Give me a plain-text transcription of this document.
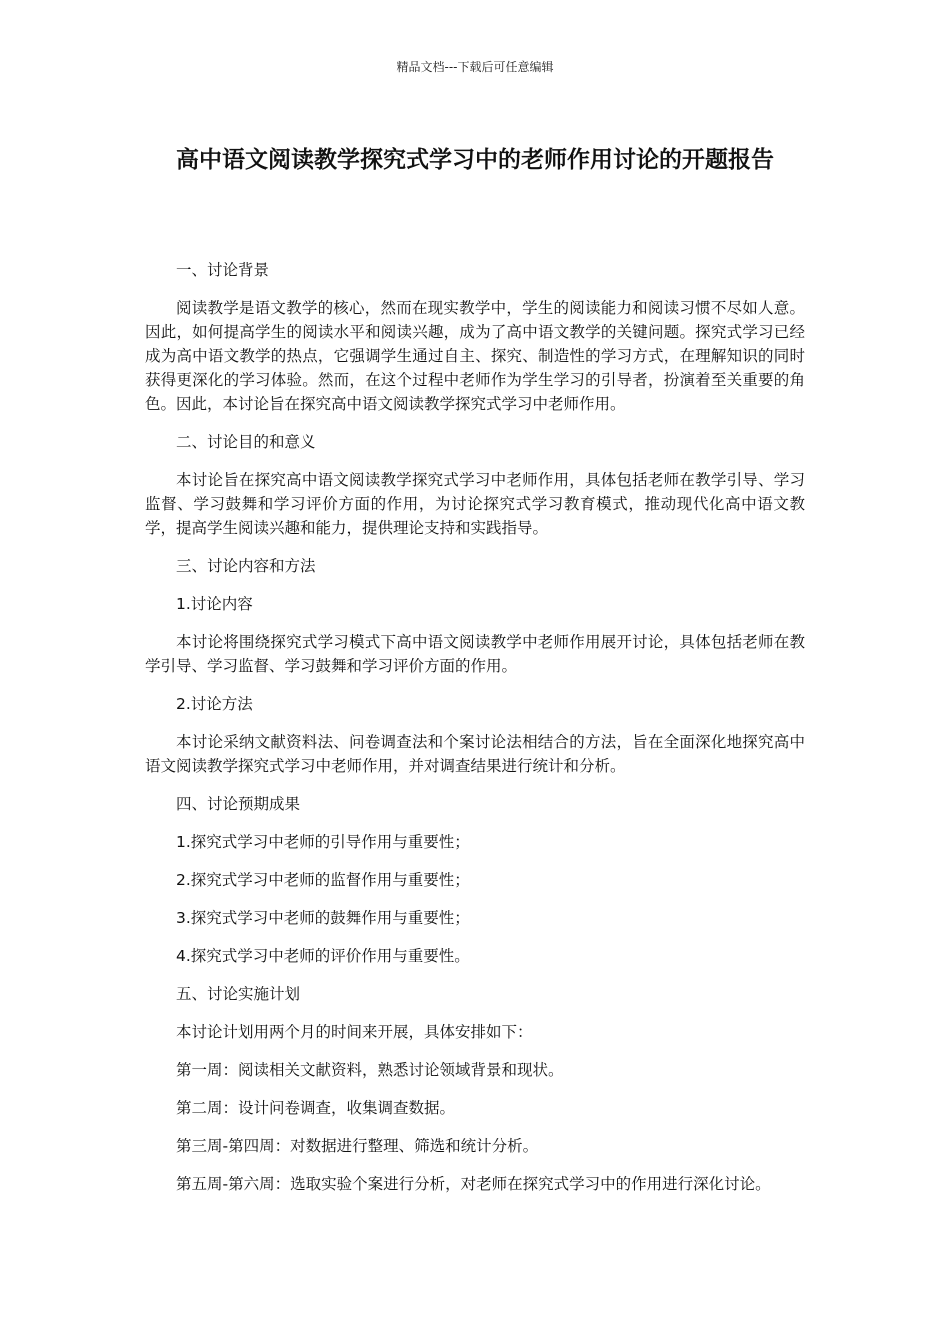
精品文档---下载后可任意编辑
高中语文阅读教学探究式学习中的老师作用讨论的开题报告

一、讨论背景

阅读教学是语文教学的核心，然而在现实教学中，学生的阅读能力和阅读习惯不尽如人意。因此，如何提高学生的阅读水平和阅读兴趣，成为了高中语文教学的关键问题。探究式学习已经成为高中语文教学的热点，它强调学生通过自主、探究、制造性的学习方式，在理解知识的同时获得更深化的学习体验。然而，在这个过程中老师作为学生学习的引导者，扮演着至关重要的角色。因此，本讨论旨在探究高中语文阅读教学探究式学习中老师作用。

二、讨论目的和意义

本讨论旨在探究高中语文阅读教学探究式学习中老师作用，具体包括老师在教学引导、学习监督、学习鼓舞和学习评价方面的作用，为讨论探究式学习教育模式，推动现代化高中语文教学，提高学生阅读兴趣和能力，提供理论支持和实践指导。

三、讨论内容和方法

1.讨论内容

本讨论将围绕探究式学习模式下高中语文阅读教学中老师作用展开讨论，具体包括老师在教学引导、学习监督、学习鼓舞和学习评价方面的作用。

2.讨论方法

本讨论采纳文献资料法、问卷调查法和个案讨论法相结合的方法，旨在全面深化地探究高中语文阅读教学探究式学习中老师作用，并对调查结果进行统计和分析。

四、讨论预期成果

1.探究式学习中老师的引导作用与重要性；

2.探究式学习中老师的监督作用与重要性；

3.探究式学习中老师的鼓舞作用与重要性；

4.探究式学习中老师的评价作用与重要性。

五、讨论实施计划

本讨论计划用两个月的时间来开展，具体安排如下：

第一周：阅读相关文献资料，熟悉讨论领域背景和现状。

第二周：设计问卷调查，收集调查数据。

第三周-第四周：对数据进行整理、筛选和统计分析。

第五周-第六周：选取实验个案进行分析，对老师在探究式学习中的作用进行深化讨论。
